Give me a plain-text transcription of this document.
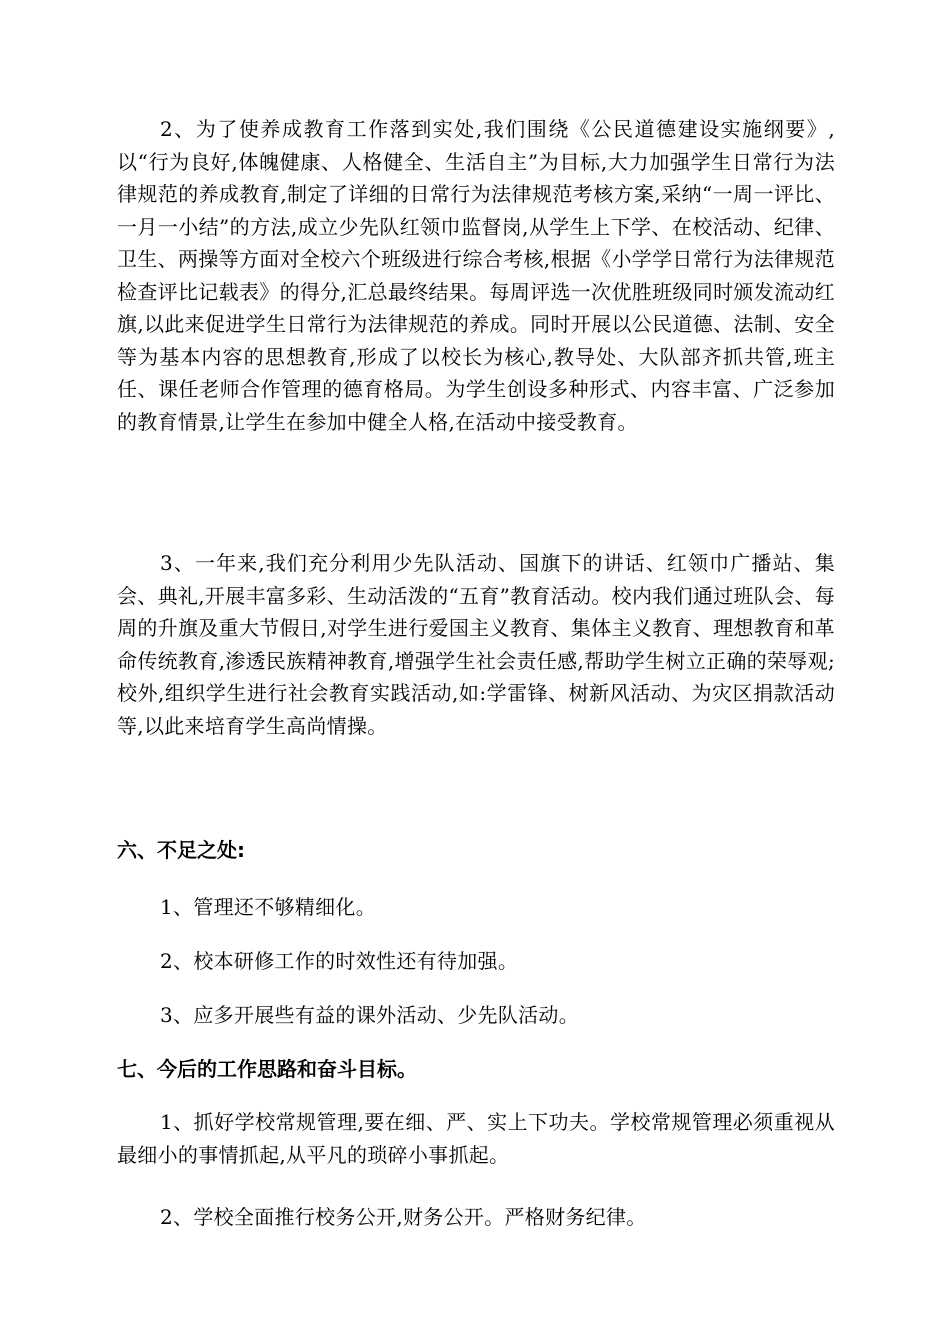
2、为了使养成教育工作落到实处,我们围绕《公民道德建设实施纲要》,以“行为良好,体魄健康、人格健全、生活自主”为目标,大力加强学生日常行为法律规范的养成教育,制定了详细的日常行为法律规范考核方案,采纳“一周一评比、一月一小结”的方法,成立少先队红领巾监督岗,从学生上下学、在校活动、纪律、卫生、两操等方面对全校六个班级进行综合考核,根据《小学学日常行为法律规范检查评比记载表》的得分,汇总最终结果。每周评选一次优胜班级同时颁发流动红旗,以此来促进学生日常行为法律规范的养成。同时开展以公民道德、法制、安全等为基本内容的思想教育,形成了以校长为核心,教导处、大队部齐抓共管,班主任、课任老师合作管理的德育格局。为学生创设多种形式、内容丰富、广泛参加的教育情景,让学生在参加中健全人格,在活动中接受教育。

3、一年来,我们充分利用少先队活动、国旗下的讲话、红领巾广播站、集会、典礼,开展丰富多彩、生动活泼的“五育”教育活动。校内我们通过班队会、每周的升旗及重大节假日,对学生进行爱国主义教育、集体主义教育、理想教育和革命传统教育,渗透民族精神教育,增强学生社会责任感,帮助学生树立正确的荣辱观;校外,组织学生进行社会教育实践活动,如:学雷锋、树新风活动、为灾区捐款活动等,以此来培育学生高尚情操。

六、不足之处:

1、管理还不够精细化。

2、校本研修工作的时效性还有待加强。

3、应多开展些有益的课外活动、少先队活动。

七、今后的工作思路和奋斗目标。

1、抓好学校常规管理,要在细、严、实上下功夫。学校常规管理必须重视从最细小的事情抓起,从平凡的琐碎小事抓起。

2、学校全面推行校务公开,财务公开。严格财务纪律。
